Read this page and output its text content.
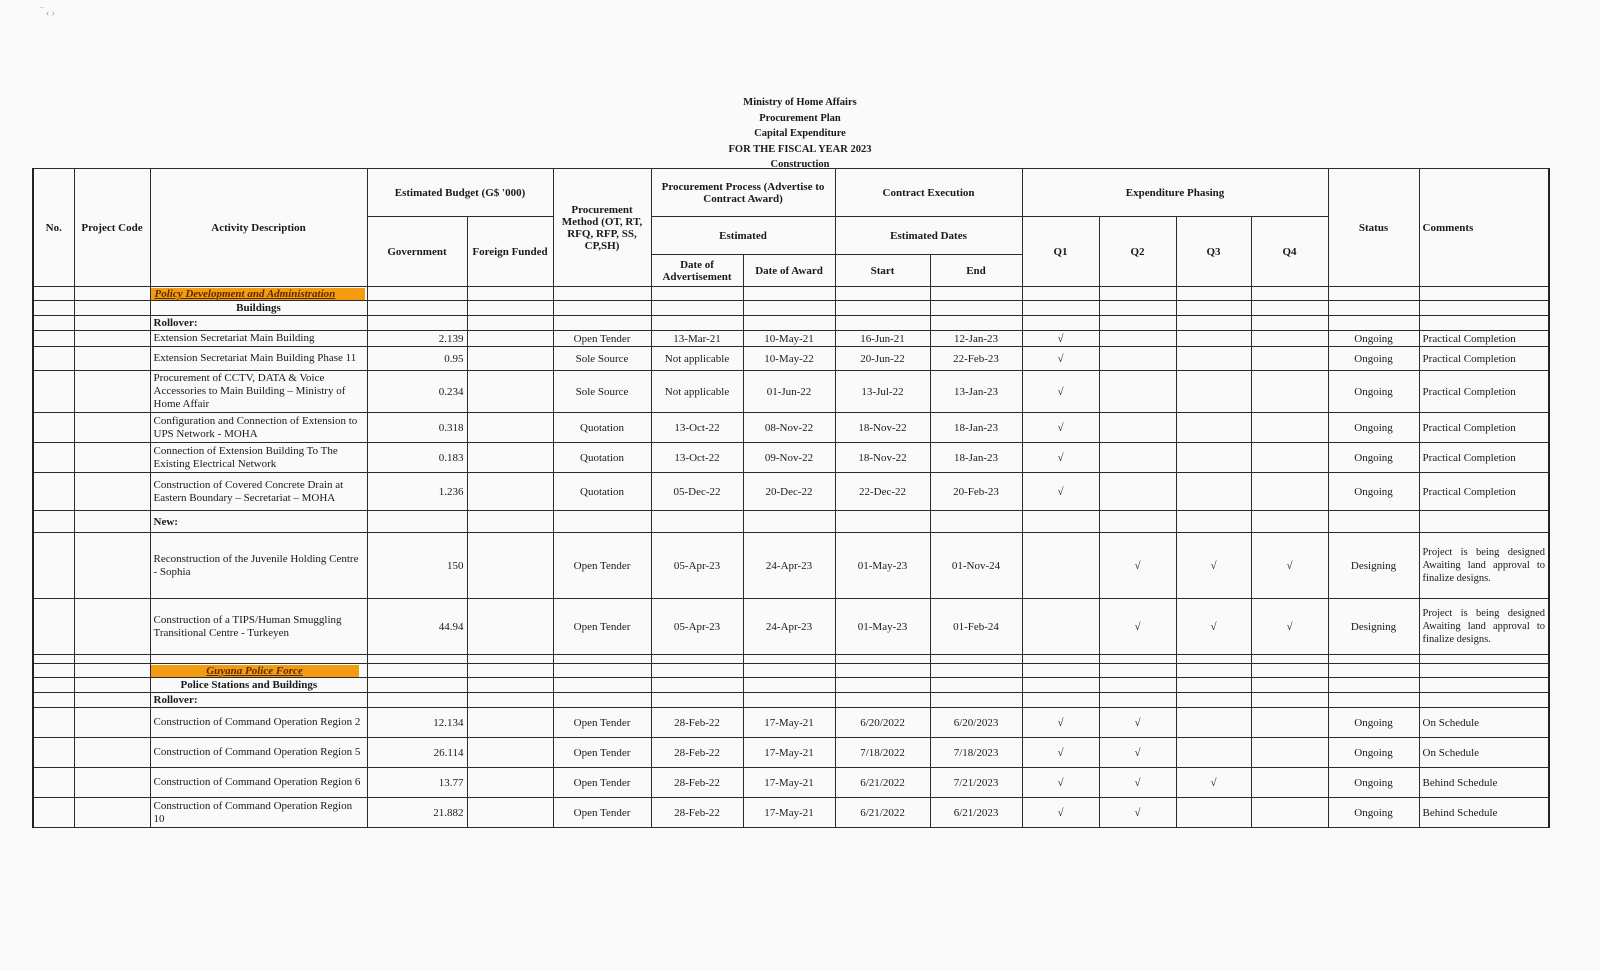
‾ ‹ ›
Ministry of Home Affairs
Procurement Plan
Capital Expenditure
FOR THE FISCAL YEAR 2023
Construction
No.	Project Code	Activity Description	Estimated Budget (G$ '000)		Procurement Method (OT, RT, RFQ, RFP, SS, CP,SH)	Procurement Process (Advertise to Contract Award)		Contract Execution		Expenditure Phasing				Status	Comments
			Government	Foreign Funded		Estimated		Estimated Dates		Q1	Q2	Q3	Q4		
						Date of Advertisement	Date of Award	Start	End						
		Policy Development and Administration													
		Buildings													
		Rollover:													
		Extension Secretariat Main Building	2.139		Open Tender	13-Mar-21	10-May-21	16-Jun-21	12-Jan-23	√				Ongoing	Practical Completion
		Extension Secretariat Main Building Phase 11	0.95		Sole Source	Not applicable	10-May-22	20-Jun-22	22-Feb-23	√				Ongoing	Practical Completion
		Procurement of CCTV, DATA & Voice Accessories to Main Building – Ministry of Home Affair	0.234		Sole Source	Not applicable	01-Jun-22	13-Jul-22	13-Jan-23	√				Ongoing	Practical Completion
		Configuration and Connection of Extension to UPS Network - MOHA	0.318		Quotation	13-Oct-22	08-Nov-22	18-Nov-22	18-Jan-23	√				Ongoing	Practical Completion
		Connection of Extension Building To The Existing Electrical Network	0.183		Quotation	13-Oct-22	09-Nov-22	18-Nov-22	18-Jan-23	√				Ongoing	Practical Completion
		Construction of Covered Concrete Drain at Eastern Boundary – Secretariat – MOHA	1.236		Quotation	05-Dec-22	20-Dec-22	22-Dec-22	20-Feb-23	√				Ongoing	Practical Completion
		New:													
		Reconstruction of the Juvenile Holding Centre - Sophia	150		Open Tender	05-Apr-23	24-Apr-23	01-May-23	01-Nov-24		√	√	√	Designing	Project is being designed Awaiting land approval to finalize designs.
		Construction of a TIPS/Human Smuggling Transitional Centre - Turkeyen	44.94		Open Tender	05-Apr-23	24-Apr-23	01-May-23	01-Feb-24		√	√	√	Designing	Project is being designed Awaiting land approval to finalize designs.

		Guyana Police Force													
		Police Stations and Buildings													
		Rollover:													
		Construction of Command Operation Region 2	12.134		Open Tender	28-Feb-22	17-May-21	6/20/2022	6/20/2023	√	√			Ongoing	On Schedule
		Construction of Command Operation Region 5	26.114		Open Tender	28-Feb-22	17-May-21	7/18/2022	7/18/2023	√	√			Ongoing	On Schedule
		Construction of Command Operation Region 6	13.77		Open Tender	28-Feb-22	17-May-21	6/21/2022	7/21/2023	√	√	√		Ongoing	Behind Schedule
		Construction of Command Operation Region 10	21.882		Open Tender	28-Feb-22	17-May-21	6/21/2022	6/21/2023	√	√			Ongoing	Behind Schedule
